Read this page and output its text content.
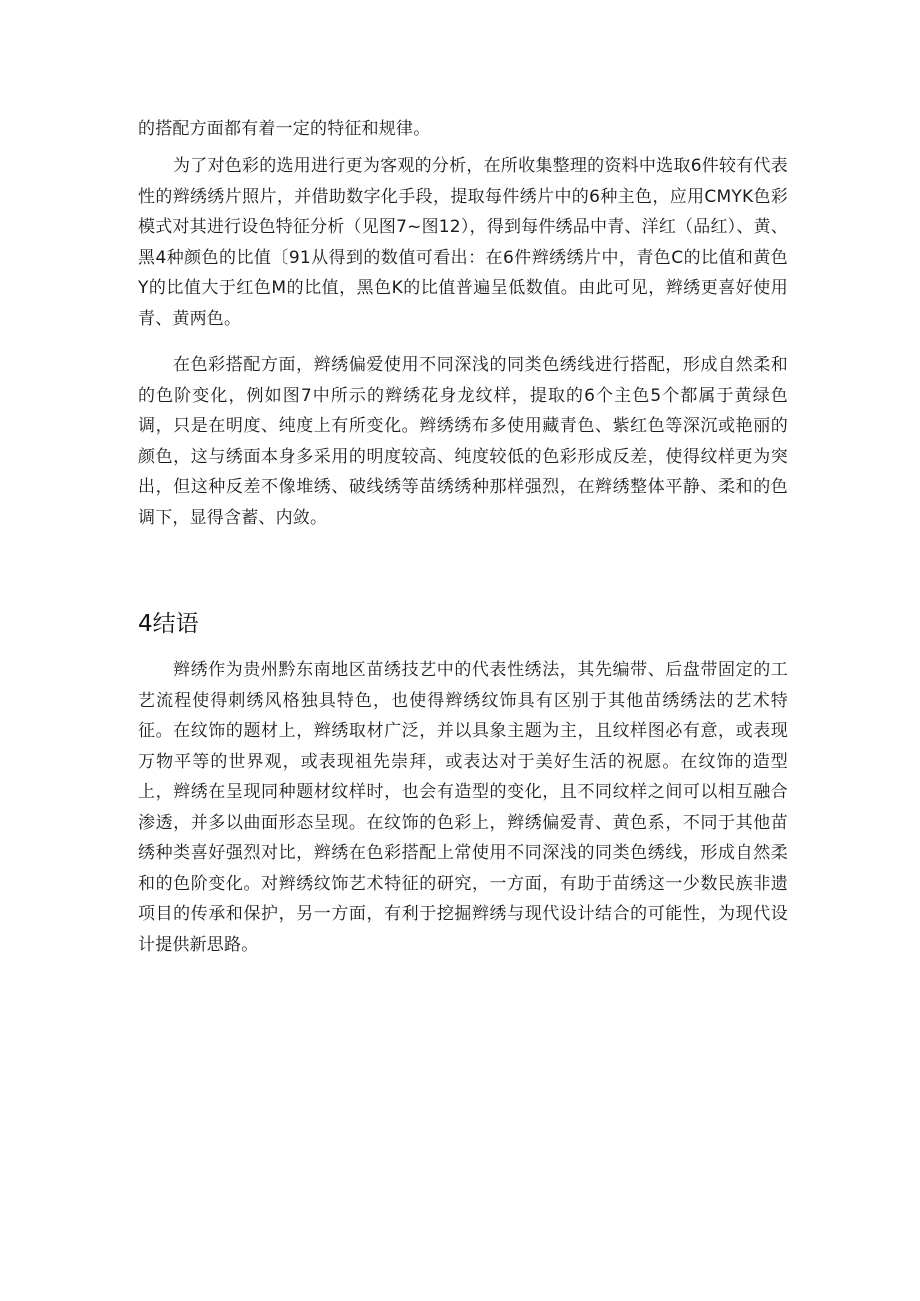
的搭配方面都有着一定的特征和规律。

为了对色彩的选用进行更为客观的分析，在所收集整理的资料中选取6件较有代表性的辫绣绣片照片，并借助数字化手段，提取每件绣片中的6种主色，应用CMYK色彩模式对其进行设色特征分析（见图7~图12），得到每件绣品中青、洋红（品红）、黄、黑4种颜色的比值〔91从得到的数值可看出：在6件辫绣绣片中，青色C的比值和黄色Y的比值大于红色M的比值，黑色K的比值普遍呈低数值。由此可见，辫绣更喜好使用青、黄两色。

在色彩搭配方面，辫绣偏爱使用不同深浅的同类色绣线进行搭配，形成自然柔和的色阶变化，例如图7中所示的辫绣花身龙纹样，提取的6个主色5个都属于黄绿色调，只是在明度、纯度上有所变化。辫绣绣布多使用藏青色、紫红色等深沉或艳丽的颜色，这与绣面本身多采用的明度较高、纯度较低的色彩形成反差，使得纹样更为突出，但这种反差不像堆绣、破线绣等苗绣绣种那样强烈，在辫绣整体平静、柔和的色调下，显得含蓄、内敛。

4结语

辫绣作为贵州黔东南地区苗绣技艺中的代表性绣法，其先编带、后盘带固定的工艺流程使得刺绣风格独具特色，也使得辫绣纹饰具有区别于其他苗绣绣法的艺术特征。在纹饰的题材上，辫绣取材广泛，并以具象主题为主，且纹样图必有意，或表现万物平等的世界观，或表现祖先崇拜，或表达对于美好生活的祝愿。在纹饰的造型上，辫绣在呈现同种题材纹样时，也会有造型的变化，且不同纹样之间可以相互融合渗透，并多以曲面形态呈现。在纹饰的色彩上，辫绣偏爱青、黄色系，不同于其他苗绣种类喜好强烈对比，辫绣在色彩搭配上常使用不同深浅的同类色绣线，形成自然柔和的色阶变化。对辫绣纹饰艺术特征的研究，一方面，有助于苗绣这一少数民族非遗项目的传承和保护，另一方面，有利于挖掘辫绣与现代设计结合的可能性，为现代设计提供新思路。
